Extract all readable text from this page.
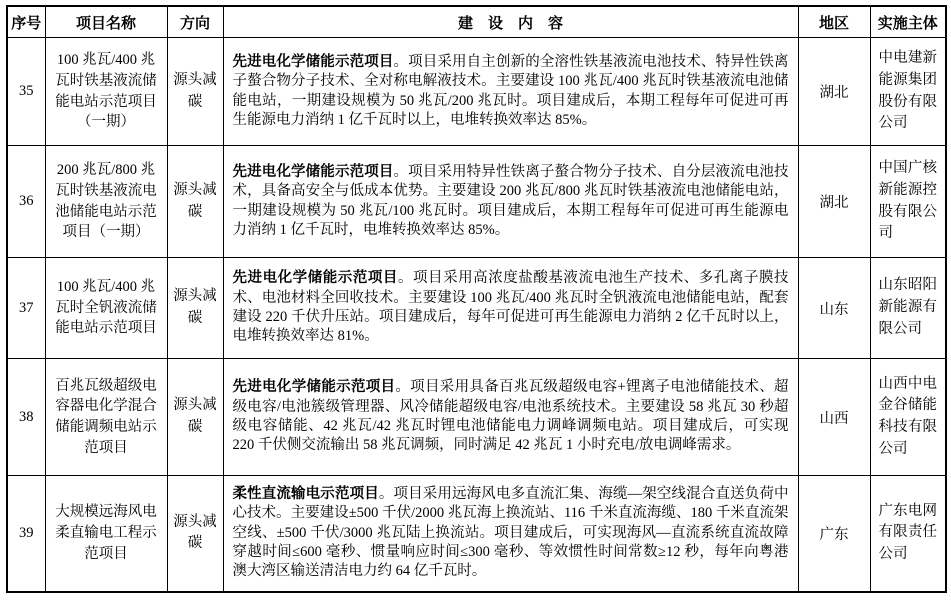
序号	项目名称	方向	建　设　内　容	地区	实施主体
35	100 兆瓦/400 兆瓦时铁基液流储能电站示范项目（一期）	源头减碳	先进电化学储能示范项目。项目采用自主创新的全溶性铁基液流电池技术、特异性铁离子螯合物分子技术、全对称电解液技术。主要建设 100 兆瓦/400 兆瓦时铁基液流电池储能电站，一期建设规模为 50 兆瓦/200 兆瓦时。项目建成后，本期工程每年可促进可再生能源电力消纳 1 亿千瓦时以上，电堆转换效率达 85%。	湖北	中电建新能源集团股份有限公司
36	200 兆瓦/800 兆瓦时铁基液流电池储能电站示范项目（一期）	源头减碳	先进电化学储能示范项目。项目采用特异性铁离子螯合物分子技术、自分层液流电池技术，具备高安全与低成本优势。主要建设 200 兆瓦/800 兆瓦时铁基液流电池储能电站，一期建设规模为 50 兆瓦/100 兆瓦时。项目建成后，本期工程每年可促进可再生能源电力消纳 1 亿千瓦时，电堆转换效率达 85%。	湖北	中国广核新能源控股有限公司
37	100 兆瓦/400 兆瓦时全钒液流储能电站示范项目	源头减碳	先进电化学储能示范项目。项目采用高浓度盐酸基液流电池生产技术、多孔离子膜技术、电池材料全回收技术。主要建设 100 兆瓦/400 兆瓦时全钒液流电池储能电站，配套建设 220 千伏升压站。项目建成后，每年可促进可再生能源电力消纳 2 亿千瓦时以上，电堆转换效率达 81%。	山东	山东昭阳新能源有限公司
38	百兆瓦级超级电容器电化学混合储能调频电站示范项目	源头减碳	先进电化学储能示范项目。项目采用具备百兆瓦级超级电容+锂离子电池储能技术、超级电容/电池簇级管理器、风冷储能超级电容/电池系统技术。主要建设 58 兆瓦 30 秒超级电容储能、42 兆瓦/42 兆瓦时锂电池储能电力调峰调频电站。项目建成后，可实现 220 千伏侧交流输出 58 兆瓦调频，同时满足 42 兆瓦 1 小时充电/放电调峰需求。	山西	山西中电金谷储能科技有限公司
39	大规模远海风电柔直输电工程示范项目	源头减碳	柔性直流输电示范项目。项目采用远海风电多直流汇集、海缆—架空线混合直送负荷中心技术。主要建设±500 千伏/2000 兆瓦海上换流站、116 千米直流海缆、180 千米直流架空线、±500 千伏/3000 兆瓦陆上换流站。项目建成后，可实现海风—直流系统直流故障穿越时间≤600 毫秒、惯量响应时间≤300 毫秒、等效惯性时间常数≥12 秒，每年向粤港澳大湾区输送清洁电力约 64 亿千瓦时。	广东	广东电网有限责任公司
